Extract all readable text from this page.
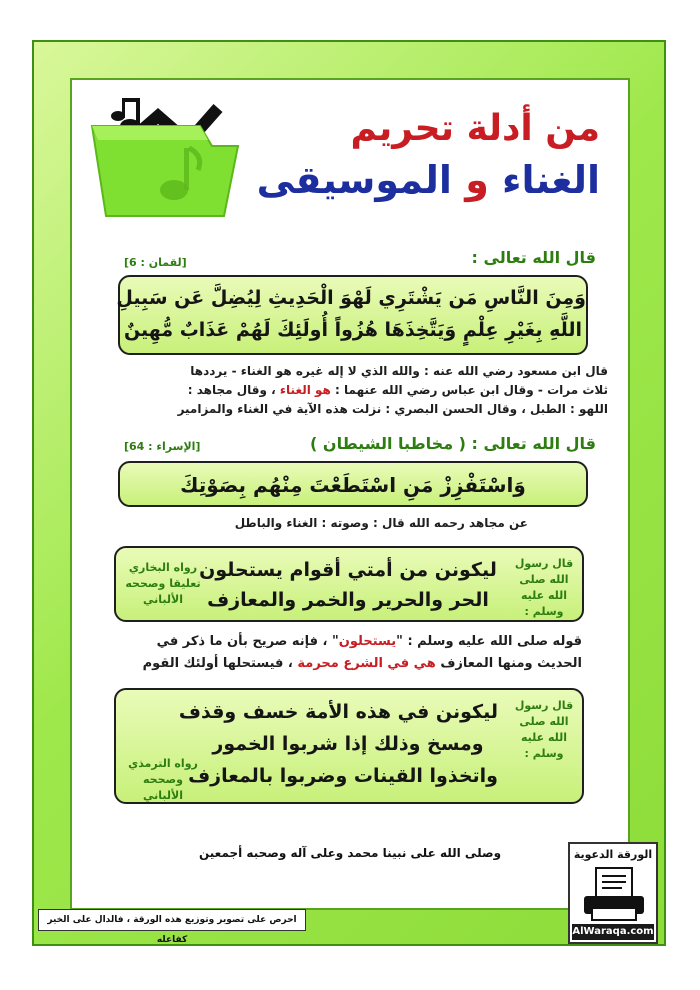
من أدلة تحريم
الغناء و الموسيقى
قال الله تعالى :
[لقمان : 6]
وَمِنَ النَّاسِ مَن يَشْتَرِي لَهْوَ الْحَدِيثِ لِيُضِلَّ عَن سَبِيلِ
اللَّهِ بِغَيْرِ عِلْمٍ وَيَتَّخِذَهَا هُزُواً أُولَئِكَ لَهُمْ عَذَابٌ مُّهِينٌ
قال ابن مسعود رضي الله عنه : والله الذي لا إله غيره هو الغناء - يرددها
ثلاث مرات - وقال ابن عباس رضي الله عنهما : هو الغناء ، وقال مجاهد :
اللهو : الطبل ، وقال الحسن البصري : نزلت هذه الآية في الغناء والمزامير
قال الله تعالى : ( مخاطبا الشيطان )
[الإسراء : 64]
وَاسْتَفْزِزْ مَنِ اسْتَطَعْتَ مِنْهُم بِصَوْتِكَ
عن مجاهد رحمه الله قال : وصوته : الغناء والباطل
قال رسول الله صلى الله عليه وسلم :
ليكونن من أمتي أقوام يستحلون
الحر والحرير والخمر والمعازف
رواه البخاري تعليقا وصححه الألباني
قوله صلى الله عليه وسلم : "يستحلون" ، فإنه صريح بأن ما ذكر في
الحديث ومنها المعازف هي في الشرع محرمة ، فيستحلها أولئك القوم
قال رسول الله صلى الله عليه وسلم :
ليكونن في هذه الأمة خسف وقذف
ومسخ وذلك إذا شربوا الخمور
واتخذوا القينات وضربوا بالمعازف
رواه الترمذي وصححه الألباني
وصلى الله على نبينا محمد وعلى آله وصحبه أجمعين
احرص على تصوير وتوزيع هذه الورقة ، فالدال على الخير كفاعله
الورقة الدعوية
AlWaraqa.com
